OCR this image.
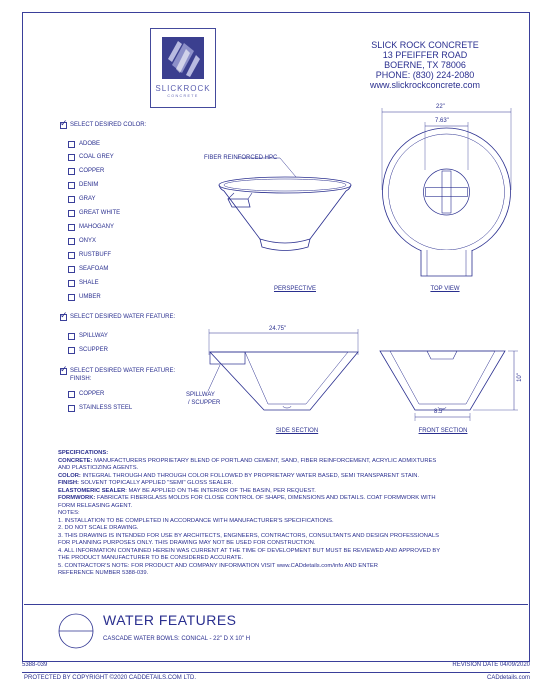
SLICKROCK
CONCRETE
SLICK ROCK CONCRETE
13 PFEIFFER ROAD
BOERNE, TX 78006
PHONE: (830) 224-2080
www.slickrockconcrete.com
✓
SELECT DESIRED COLOR:
ADOBE
COAL GREY
COPPER
DENIM
GRAY
GREAT WHITE
MAHOGANY
ONYX
RUSTBUFF
SEAFOAM
SHALE
UMBER
✓
SELECT DESIRED WATER FEATURE:
SPILLWAY
SCUPPER
✓
SELECT DESIRED WATER FEATURE:
FINISH:
COPPER
STAINLESS STEEL
FIBER REINFORCED HPC
PERSPECTIVE
22"
7.63"
TOP VIEW
24.75"
SPILLWAY
/ SCUPPER
SIDE SECTION
10"
8.5"
FRONT SECTION
SPECIFICATIONS:
CONCRETE: MANUFACTURERS PROPRIETARY BLEND OF PORTLAND CEMENT, SAND, FIBER REINFORCEMENT, ACRYLIC ADMIXTURES
AND PLASTICIZING AGENTS.
COLOR: INTEGRAL THROUGH AND THROUGH COLOR FOLLOWED BY PROPRIETARY WATER BASED, SEMI TRANSPARENT STAIN.
FINISH: SOLVENT TOPICALLY APPLIED "SEMI" GLOSS SEALER.
ELASTOMERIC SEALER: MAY BE APPLIED ON THE INTERIOR OF THE BASIN, PER REQUEST.
FORMWORK: FABRICATE FIBERGLASS MOLDS FOR CLOSE CONTROL OF SHAPE, DIMENSIONS AND DETAILS. COAT FORMWORK WITH
FORM RELEASING AGENT.
NOTES:
1. INSTALLATION TO BE COMPLETED IN ACCORDANCE WITH MANUFACTURER'S SPECIFICATIONS.
2. DO NOT SCALE DRAWING.
3. THIS DRAWING IS INTENDED FOR USE BY ARCHITECTS, ENGINEERS, CONTRACTORS, CONSULTANTS AND DESIGN PROFESSIONALS
FOR PLANNING PURPOSES ONLY. THIS DRAWING MAY NOT BE USED FOR CONSTRUCTION.
4. ALL INFORMATION CONTAINED HEREIN WAS CURRENT AT THE TIME OF DEVELOPMENT BUT MUST BE REVIEWED AND APPROVED BY
THE PRODUCT MANUFACTURER TO BE CONSIDERED ACCURATE.
5. CONTRACTOR'S NOTE: FOR PRODUCT AND COMPANY INFORMATION VISIT www.CADdetails.com/info AND ENTER
REFERENCE NUMBER 5388-039.
WATER FEATURES
CASCADE WATER BOWLS: CONICAL - 22" D X 10" H
5388-039	REVISION DATE 04/09/2020
PROTECTED BY COPYRIGHT ©2020 CADDETAILS.COM LTD.	CADdetails.com
